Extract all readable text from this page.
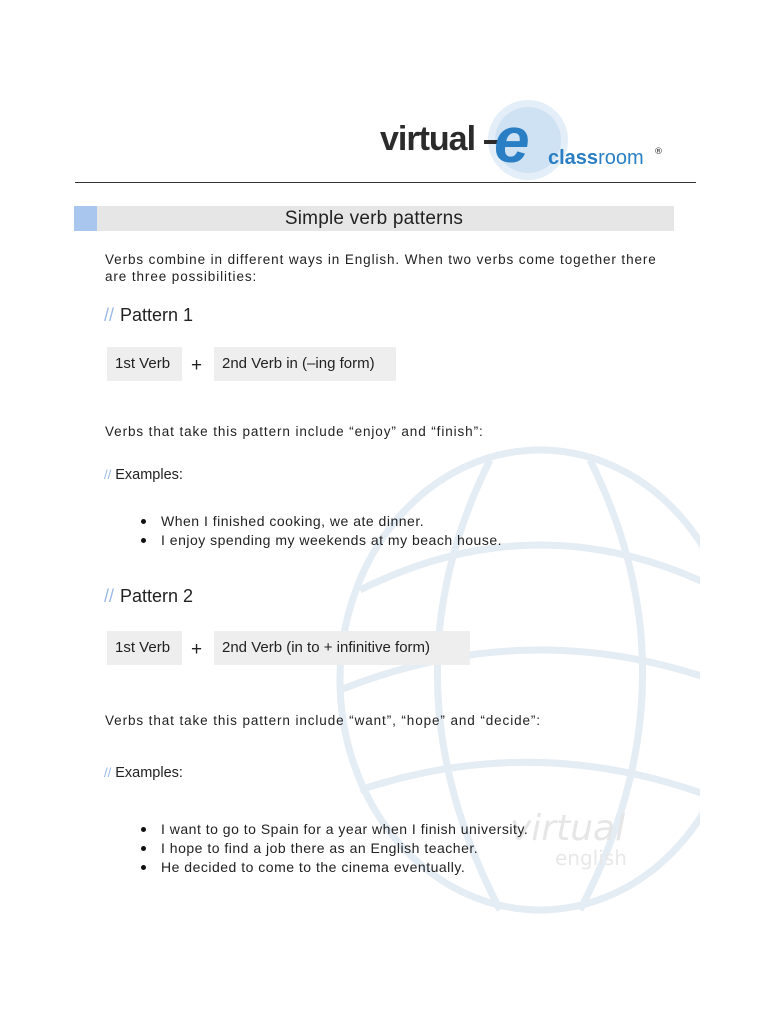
virtual
english
virtual e classroom ®
Simple verb patterns
Verbs combine in different ways in English. When two verbs come together there are three possibilities:
// Pattern 1
1st Verb	+	2nd Verb in (–ing form)
Verbs that take this pattern include “enjoy” and “finish”:
// Examples:
When I finished cooking, we ate dinner.
I enjoy spending my weekends at my beach house.
// Pattern 2
1st Verb	+	2nd Verb (in to + infinitive form)
Verbs that take this pattern include “want”, “hope” and “decide”:
// Examples:
I want to go to Spain for a year when I finish university.
I hope to find a job there as an English teacher.
He decided to come to the cinema eventually.
